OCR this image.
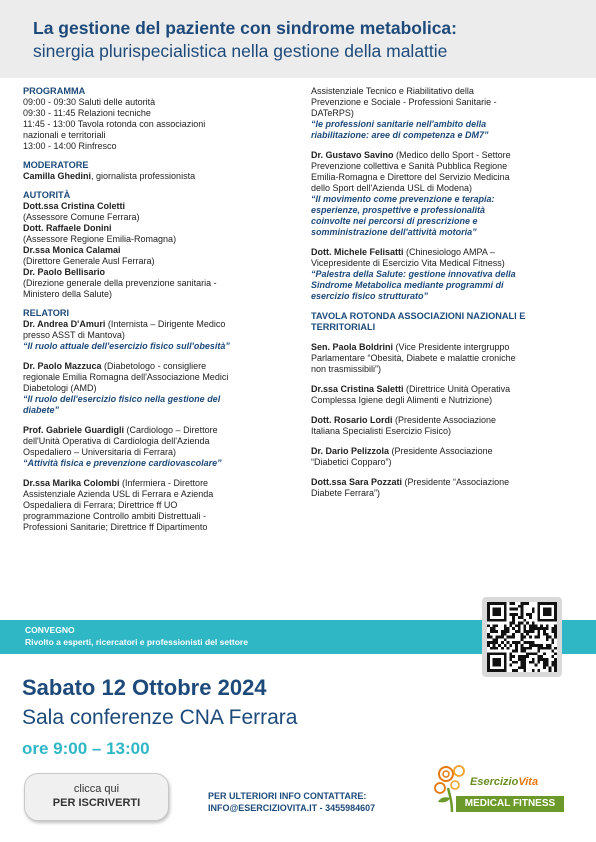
La gestione del paziente con sindrome metabolica:
sinergia plurispecialistica nella gestione della malattie
PROGRAMMA
09:00 - 09:30 Saluti delle autorità
09:30 - 11:45 Relazioni tecniche
11:45 - 13:00 Tavola rotonda con associazioni
nazionali e territoriali
13:00 - 14:00 Rinfresco
MODERATORE
Camilla Ghedini, giornalista professionista
AUTORITÀ
Dott.ssa Cristina Coletti
(Assessore Comune Ferrara)
Dott. Raffaele Donini
(Assessore Regione Emilia-Romagna)
Dr.ssa Monica Calamai
(Direttore Generale Ausl Ferrara)
Dr. Paolo Bellisario
(Direzione generale della prevenzione sanitaria -
Ministero della Salute)
RELATORI
Dr. Andrea D'Amuri (Internista – Dirigente Medico
presso ASST di Mantova)
“Il ruolo attuale dell'esercizio fisico sull'obesità”
Dr. Paolo Mazzuca (Diabetologo - consigliere
regionale Emilia Romagna dell'Associazione Medici
Diabetologi (AMD)
“Il ruolo dell'esercizio fisico nella gestione del
diabete”
Prof. Gabriele Guardigli (Cardiologo – Direttore
dell'Unità Operativa di Cardiologia dell'Azienda
Ospedaliero – Universitaria di Ferrara)
“Attività fisica e prevenzione cardiovascolare”
Dr.ssa Marika Colombi (Infermiera - Direttore
Assistenziale Azienda USL di Ferrara e Azienda
Ospedaliera di Ferrara; Direttrice ff UO
programmazione Controllo ambiti Distrettuali -
Professioni Sanitarie; Direttrice ff Dipartimento
Assistenziale Tecnico e Riabilitativo della
Prevenzione e Sociale - Professioni Sanitarie -
DATeRPS)
“le professioni sanitarie nell'ambito della
riabilitazione: aree di competenza e DM7”
Dr. Gustavo Savino (Medico dello Sport - Settore
Prevenzione collettiva e Sanità Pubblica Regione
Emilia-Romagna e Direttore del Servizio Medicina
dello Sport dell'Azienda USL di Modena)
“Il movimento come prevenzione e terapia:
esperienze, prospettive e professionalità
coinvolte nei percorsi di prescrizione e
somministrazione dell'attività motoria”
Dott. Michele Felisatti (Chinesiologo AMPA –
Vicepresidente di Esercizio Vita Medical Fitness)
“Palestra della Salute: gestione innovativa della
Sindrome Metabolica mediante programmi di
esercizio fisico strutturato”
TAVOLA ROTONDA ASSOCIAZIONI NAZIONALI E
TERRITORIALI
Sen. Paola Boldrini (Vice Presidente intergruppo
Parlamentare “Obesità, Diabete e malattie croniche
non trasmissibili”)
Dr.ssa Cristina Saletti (Direttrice Unità Operativa
Complessa Igiene degli Alimenti e Nutrizione)
Dott. Rosario Lordi (Presidente Associazione
Italiana Specialisti Esercizio Fisico)
Dr. Dario Pelizzola (Presidente Associazione
“Diabetici Copparo”)
Dott.ssa Sara Pozzati (Presidente “Associazione
Diabete Ferrara”)
CONVEGNO
Rivolto a esperti, ricercatori e professionisti del settore
Sabato 12 Ottobre 2024
Sala conferenze CNA Ferrara
ore 9:00 – 13:00
clicca qui
PER ISCRIVERTI
PER ULTERIORI INFO CONTATTARE:
INFO@ESERCIZIOVITA.IT - 3455984607
EsercizioVita
MEDICAL FITNESS
